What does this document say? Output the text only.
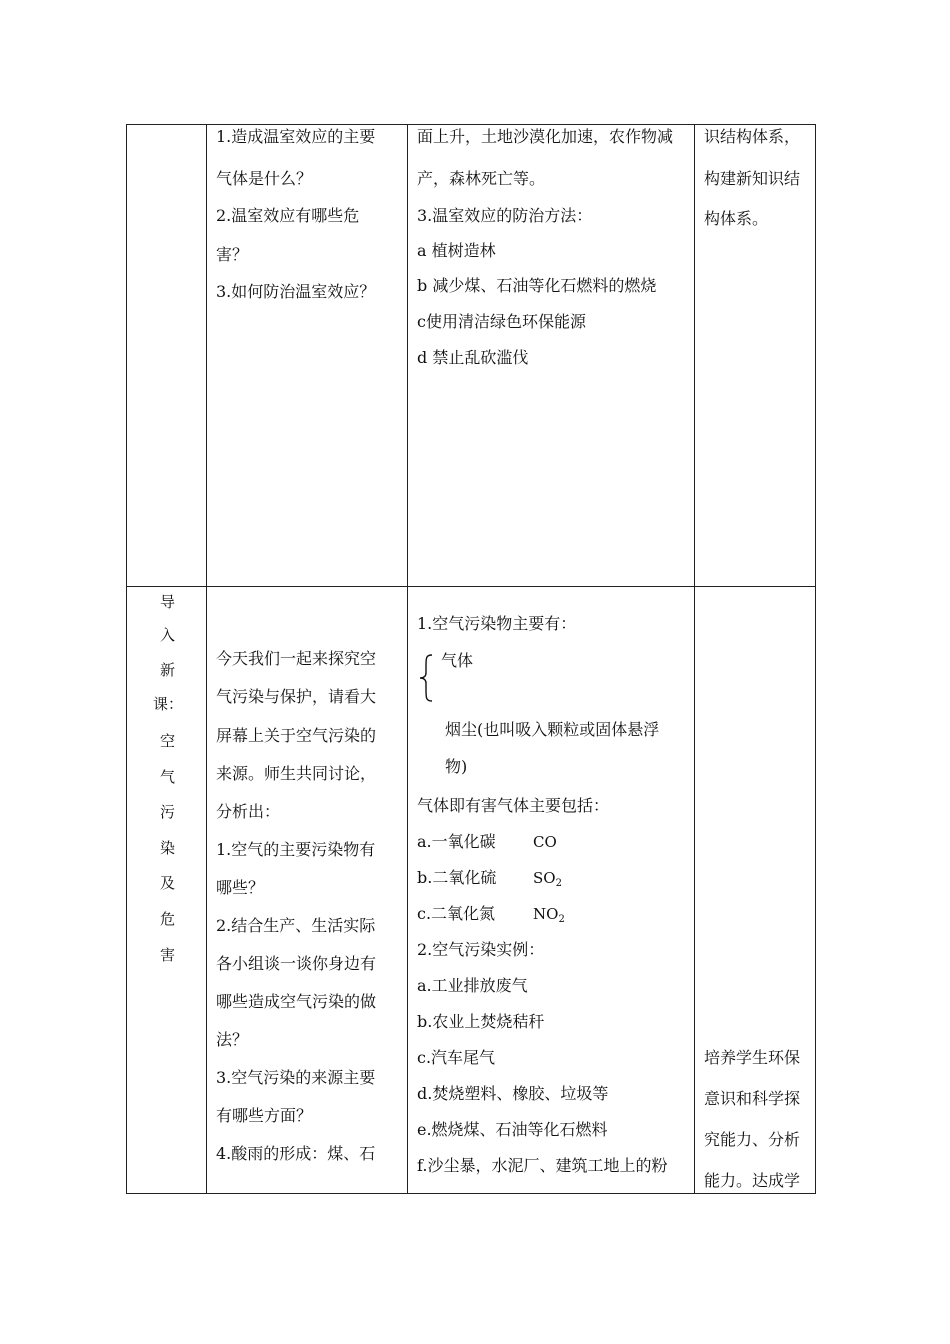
1.造成温室效应的主要
气体是什么？
2.温室效应有哪些危
害？
3.如何防治温室效应？
面上升，土地沙漠化加速，农作物减
产，森林死亡等。
3.温室效应的防治方法：
a 植树造林
b 减少煤、石油等化石燃料的燃烧
c使用清洁绿色环保能源
d 禁止乱砍滥伐
识结构体系，
构建新知识结
构体系。
导
入
新
课：
空
气
污
染
及
危
害
今天我们一起来探究空
气污染与保护，请看大
屏幕上关于空气污染的
来源。师生共同讨论，
分析出：
1.空气的主要污染物有
哪些？
2.结合生产、生活实际
各小组谈一谈你身边有
哪些造成空气污染的做
法？
3.空气污染的来源主要
有哪些方面？
4.酸雨的形成：煤、石
1.空气污染物主要有：
气体
烟尘(也叫吸入颗粒或固体悬浮
物)
气体即有害气体主要包括：
a.一氧化碳 CO
b.二氧化硫 $SO_2$
c.二氧化氮	$NO_2$
2.空气污染实例：
a.工业排放废气
b.农业上焚烧秸秆
c.汽车尾气
d.焚烧塑料、橡胶、垃圾等
e.燃烧煤、石油等化石燃料
f.沙尘暴，水泥厂、建筑工地上的粉
培养学生环保
意识和科学探
究能力、分析
能力。达成学
